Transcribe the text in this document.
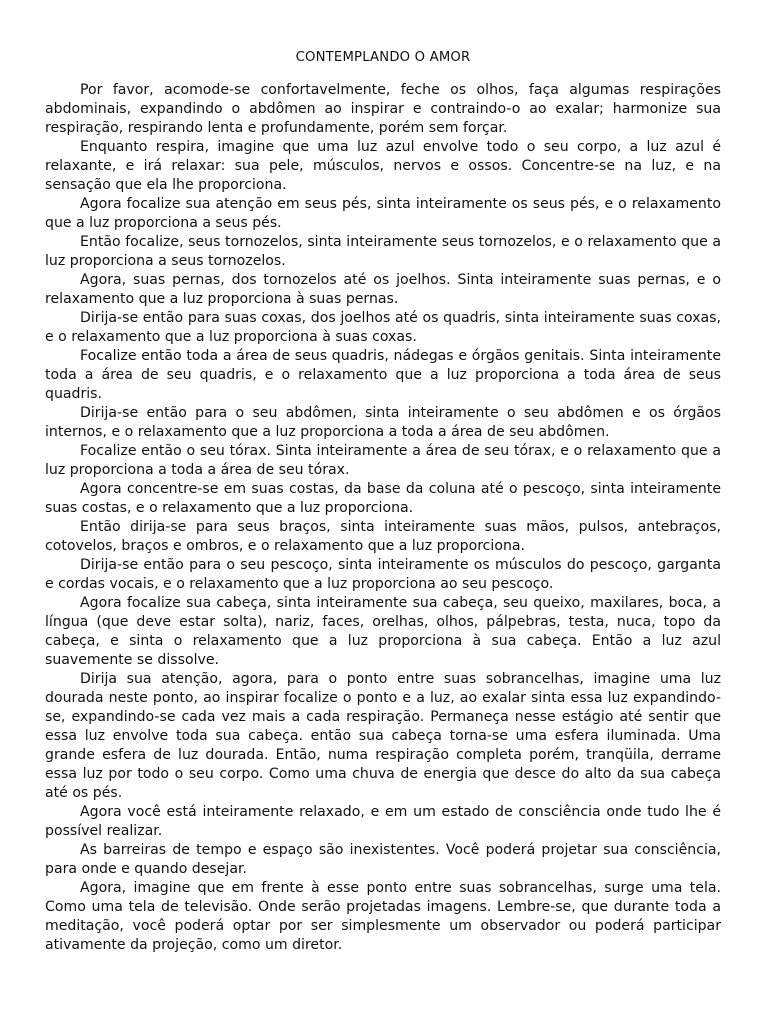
CONTEMPLANDO O AMOR

Por favor, acomode-se confortavelmente, feche os olhos, faça algumas respirações abdominais, expandindo o abdômen ao inspirar e contraindo-o ao exalar; harmonize sua respiração, respirando lenta e profundamente, porém sem forçar.

Enquanto respira, imagine que uma luz azul envolve todo o seu corpo, a luz azul é relaxante, e irá relaxar: sua pele, músculos, nervos e ossos. Concentre-se na luz, e na sensação que ela lhe proporciona.

Agora focalize sua atenção em seus pés, sinta inteiramente os seus pés, e o relaxamento que a luz proporciona a seus pés.

Então focalize, seus tornozelos, sinta inteiramente seus tornozelos, e o relaxamento que a luz proporciona a seus tornozelos.

Agora, suas pernas, dos tornozelos até os joelhos. Sinta inteiramente suas pernas, e o relaxamento que a luz proporciona à suas pernas.

Dirija-se então para suas coxas, dos joelhos até os quadris, sinta inteiramente suas coxas, e o relaxamento que a luz proporciona à suas coxas.

Focalize então toda a área de seus quadris, nádegas e órgãos genitais. Sinta inteiramente toda a área de seu quadris, e o relaxamento que a luz proporciona a toda área de seus quadris.

Dirija-se então para o seu abdômen, sinta inteiramente o seu abdômen e os órgãos internos, e o relaxamento que a luz proporciona a toda a área de seu abdômen.

Focalize então o seu tórax. Sinta inteiramente a área de seu tórax, e o relaxamento que a luz proporciona a toda a área de seu tórax.

Agora concentre-se em suas costas, da base da coluna até o pescoço, sinta inteiramente suas costas, e o relaxamento que a luz proporciona.

Então dirija-se para seus braços, sinta inteiramente suas mãos, pulsos, antebraços, cotovelos, braços e ombros, e o relaxamento que a luz proporciona.

Dirija-se então para o seu pescoço, sinta inteiramente os músculos do pescoço, garganta e cordas vocais, e o relaxamento que a luz proporciona ao seu pescoço.

Agora focalize sua cabeça, sinta inteiramente sua cabeça, seu queixo, maxilares, boca, a língua (que deve estar solta), nariz, faces, orelhas, olhos, pálpebras, testa, nuca, topo da cabeça, e sinta o relaxamento que a luz proporciona à sua cabeça. Então a luz azul suavemente se dissolve.

Dirija sua atenção, agora, para o ponto entre suas sobrancelhas, imagine uma luz dourada neste ponto, ao inspirar focalize o ponto e a luz, ao exalar sinta essa luz expandindo-se, expandindo-se cada vez mais a cada respiração. Permaneça nesse estágio até sentir que essa luz envolve toda sua cabeça. então sua cabeça torna-se uma esfera iluminada. Uma grande esfera de luz dourada. Então, numa respiração completa porém, tranqüila, derrame essa luz por todo o seu corpo. Como uma chuva de energia que desce do alto da sua cabeça até os pés.

Agora você está inteiramente relaxado, e em um estado de consciência onde tudo lhe é possível realizar.

As barreiras de tempo e espaço são inexistentes. Você poderá projetar sua consciência, para onde e quando desejar.

Agora, imagine que em frente à esse ponto entre suas sobrancelhas, surge uma tela. Como uma tela de televisão. Onde serão projetadas imagens. Lembre-se, que durante toda a meditação, você poderá optar por ser simplesmente um observador ou poderá participar ativamente da projeção, como um diretor.
